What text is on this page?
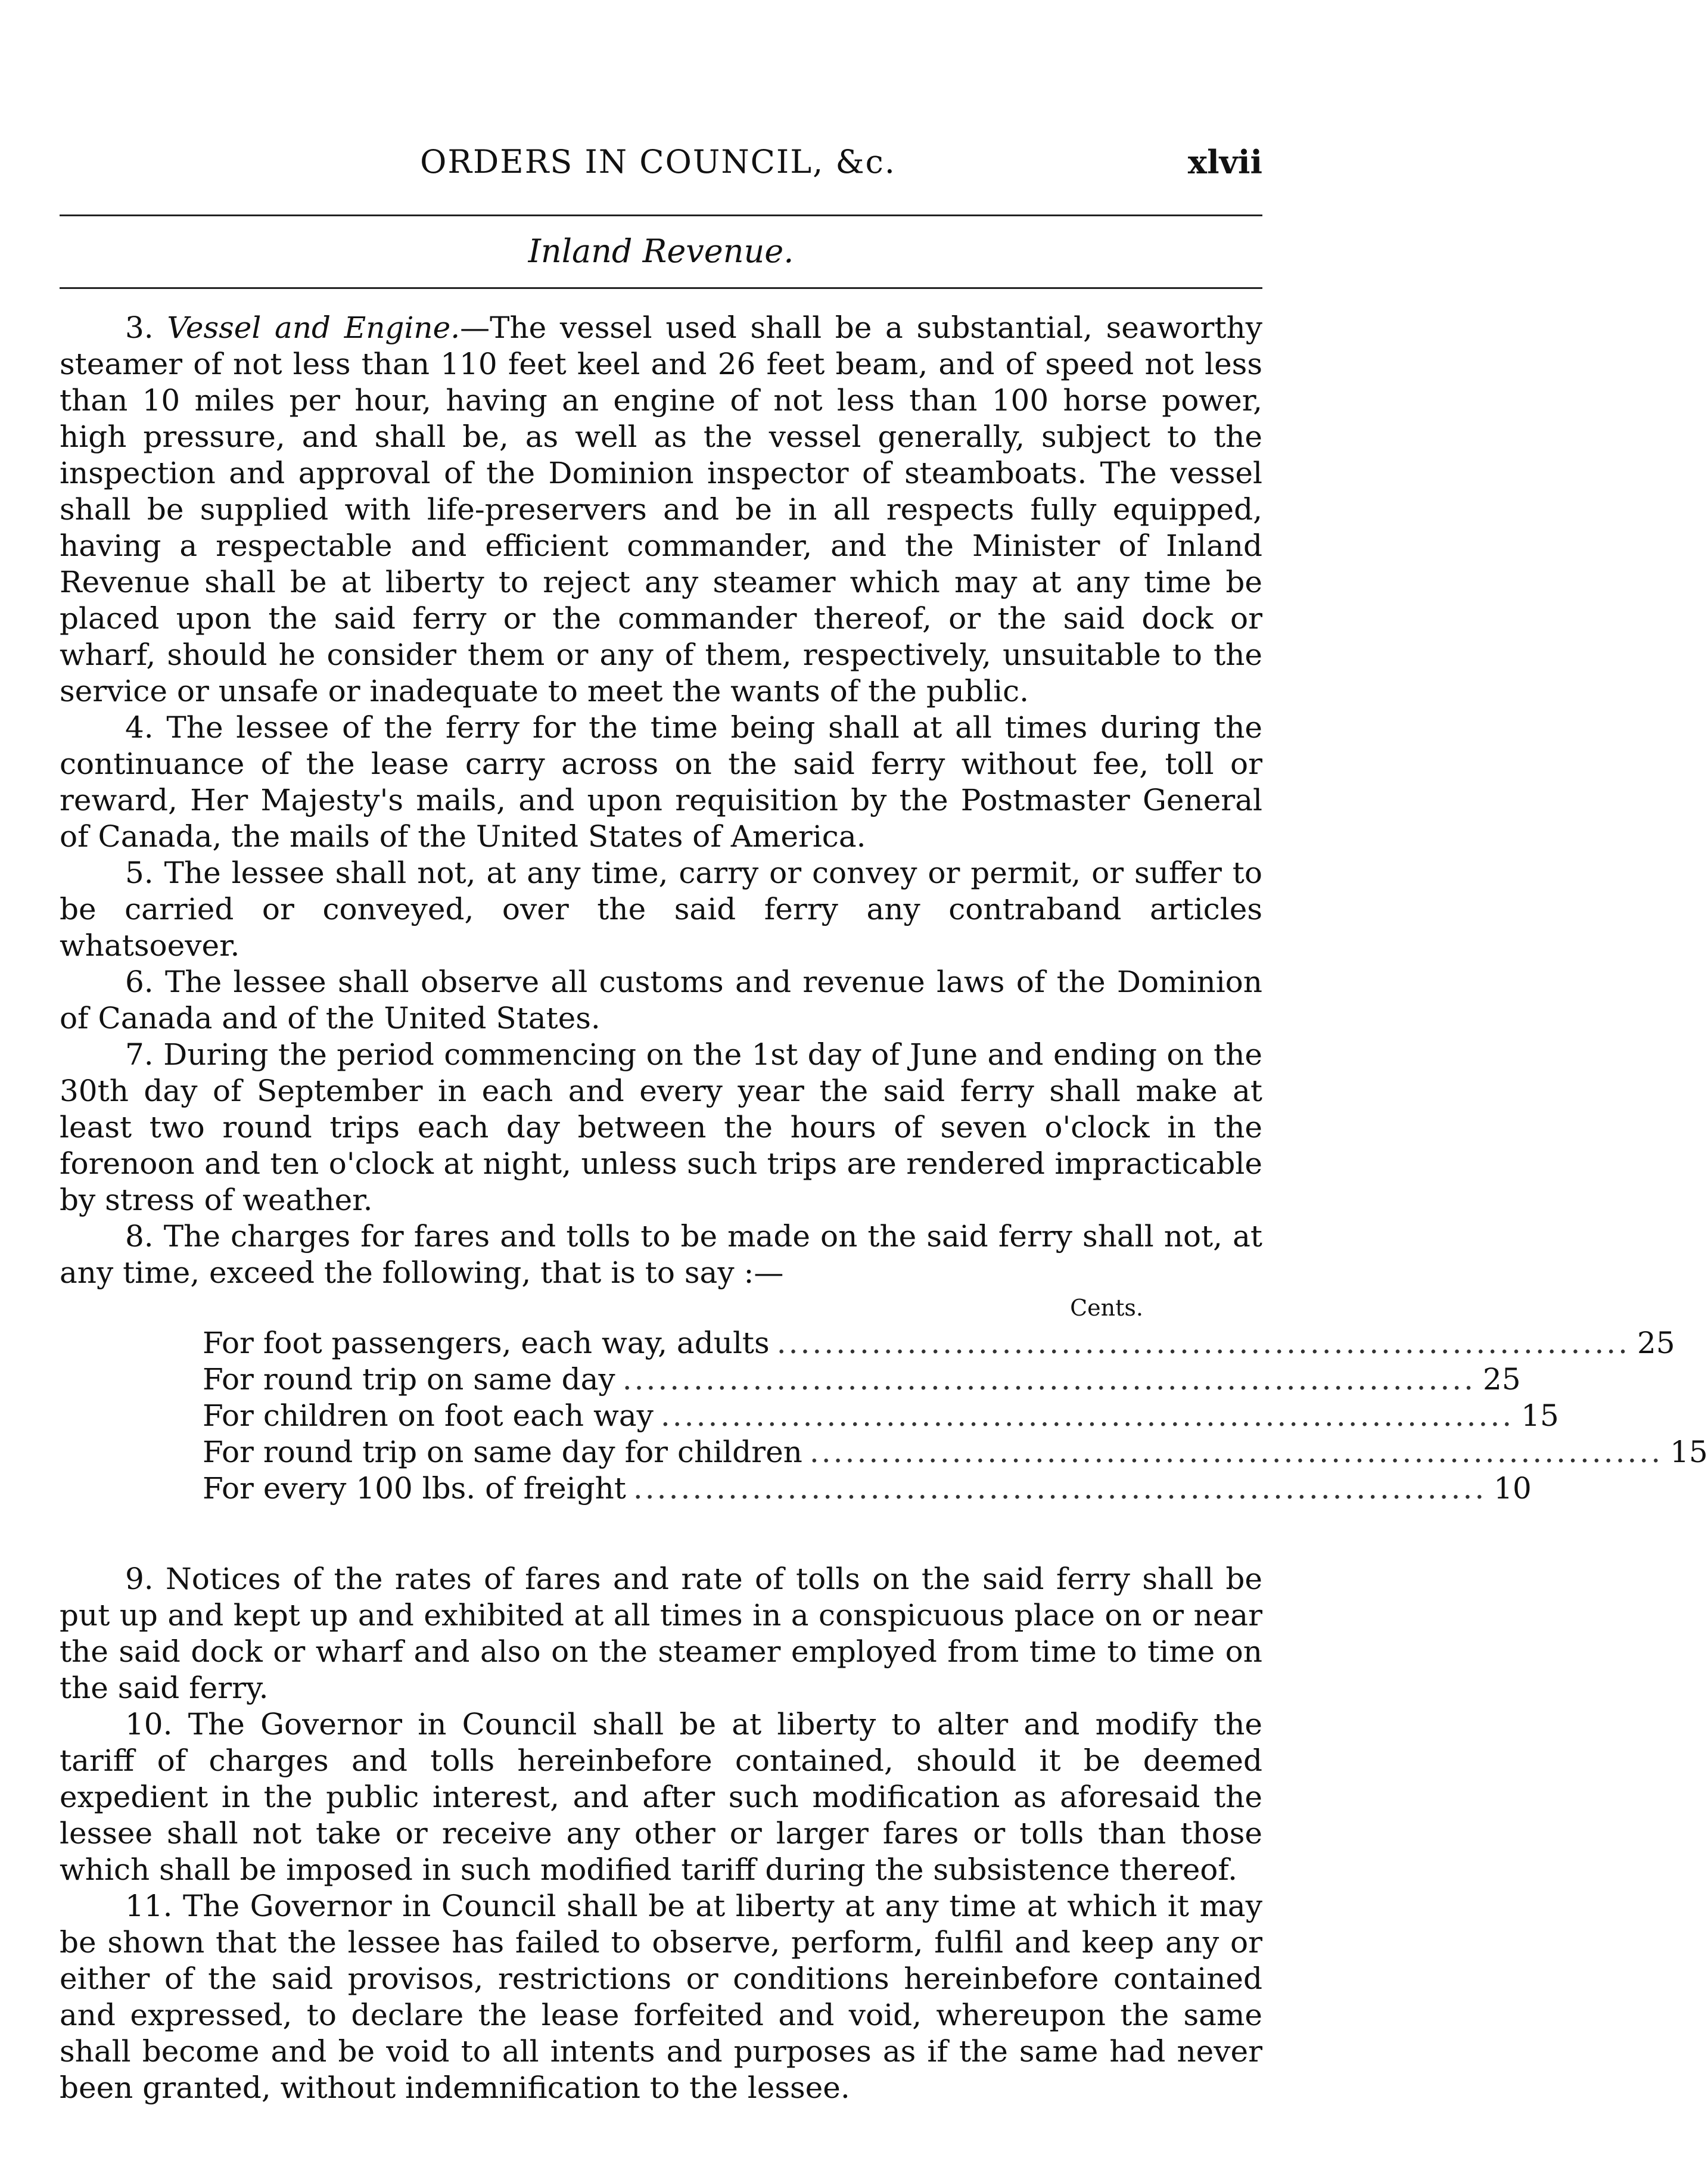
ORDERS IN COUNCIL, &c.	xlvii
Inland Revenue.

3. Vessel and Engine.—The vessel used shall be a substantial, seaworthy steamer of not less than 110 feet keel and 26 feet beam, and of speed not less than 10 miles per hour, having an engine of not less than 100 horse power, high pressure, and shall be, as well as the vessel generally, subject to the inspection and approval of the Dominion inspector of steamboats. The vessel shall be supplied with life-preservers and be in all respects fully equipped, having a respectable and efficient commander, and the Minister of Inland Revenue shall be at liberty to reject any steamer which may at any time be placed upon the said ferry or the commander thereof, or the said dock or wharf, should he consider them or any of them, respectively, unsuitable to the service or unsafe or inadequate to meet the wants of the public.

4. The lessee of the ferry for the time being shall at all times during the continuance of the lease carry across on the said ferry without fee, toll or reward, Her Majesty's mails, and upon requisition by the Postmaster General of Canada, the mails of the United States of America.

5. The lessee shall not, at any time, carry or convey or permit, or suffer to be carried or conveyed, over the said ferry any contraband articles whatsoever.

6. The lessee shall observe all customs and revenue laws of the Dominion of Canada and of the United States.

7. During the period commencing on the 1st day of June and ending on the 30th day of September in each and every year the said ferry shall make at least two round trips each day between the hours of seven o'clock in the forenoon and ten o'clock at night, unless such trips are rendered impracticable by stress of weather.

8. The charges for fares and tolls to be made on the said ferry shall not, at any time, exceed the following, that is to say :—

Cents.
For foot passengers, each way, adults ........................................................................ 25
For round trip on same day ........................................................................ 25
For children on foot each way ........................................................................ 15
For round trip on same day for children ........................................................................ 15
For every 100 lbs. of freight ........................................................................ 10

9. Notices of the rates of fares and rate of tolls on the said ferry shall be put up and kept up and exhibited at all times in a conspicuous place on or near the said dock or wharf and also on the steamer employed from time to time on the said ferry.

10. The Governor in Council shall be at liberty to alter and modify the tariff of charges and tolls hereinbefore contained, should it be deemed expedient in the public interest, and after such modification as aforesaid the lessee shall not take or receive any other or larger fares or tolls than those which shall be imposed in such modified tariff during the subsistence thereof.

11. The Governor in Council shall be at liberty at any time at which it may be shown that the lessee has failed to observe, perform, fulfil and keep any or either of the said provisos, restrictions or conditions hereinbefore contained and expressed, to declare the lease forfeited and void, whereupon the same shall become and be void to all intents and purposes as if the same had never been granted, without indemnification to the lessee.
